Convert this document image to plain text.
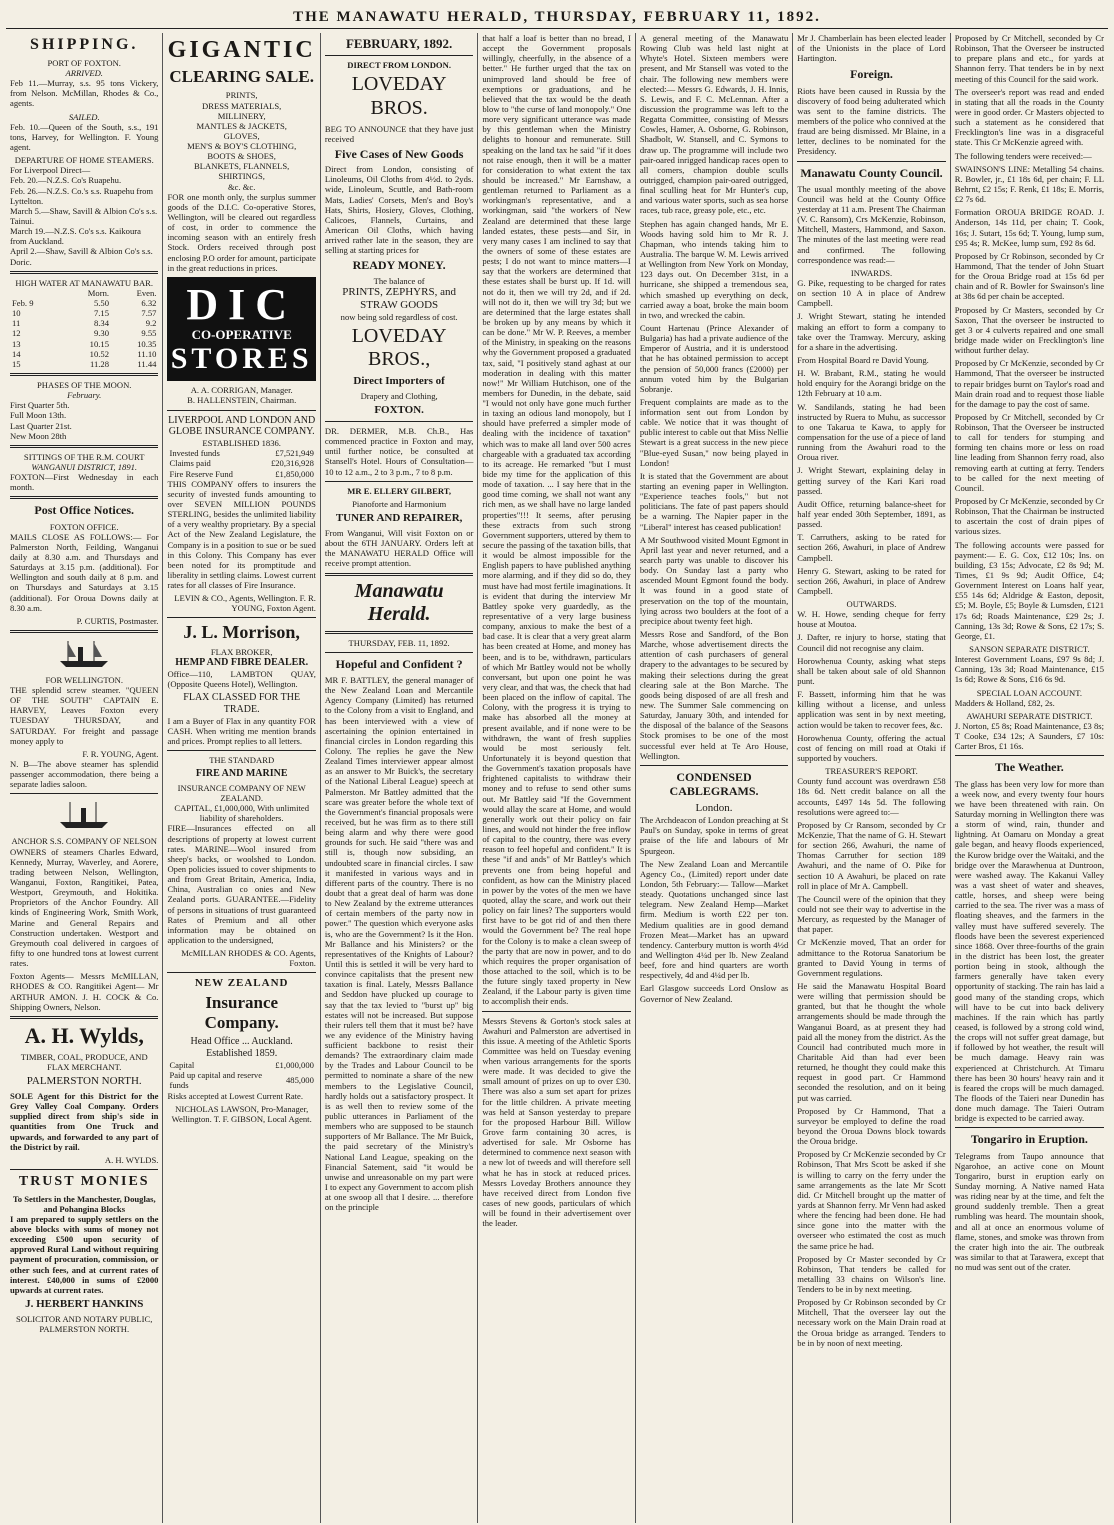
THE MANAWATU HERALD, THURSDAY, FEBRUARY 11, 1892.
SHIPPING.
PORT OF FOXTON.
ARRIVED.

Feb 11.—Murray, s.s. 95 tons Vickery, from Nelson. McMillan, Rhodes & Co., agents.

SAILED.

Feb. 10.—Queen of the South, s.s., 191 tons, Harvey, for Wellington. F. Young agent.

DEPARTURE OF HOME STEAMERS.
For Liverpool Direct—
Feb. 20.—N.Z.S. Co's Ruapehu.
Feb. 26.—N.Z.S. Co.'s s.s. Ruapehu from Lyttelton.
March 5.—Shaw, Savill & Albion Co's s.s. Tainui.
March 19.—N.Z.S. Co's s.s. Kaikoura from Auckland.
April 2.—Shaw, Savill & Albion Co's s.s. Doric.
HIGH WATER AT MANAWATU BAR.
	Morn.	Even.
Feb. 9	5.50	6.32
10	7.15	7.57
11	8.34	9.2
12	9.30	9.55
13	10.15	10.35
14	10.52	11.10
15	11.28	11.44
PHASES OF THE MOON.
February.
First Quarter 5th.
Full Moon 13th.
Last Quarter 21st.
New Moon 28th
SITTINGS OF THE R.M. COURT
WANGANUI DISTRICT, 1891.

FOXTON—First Wednesday in each month.

Post Office Notices.
FOXTON OFFICE.

MAILS CLOSE AS FOLLOWS:— For Palmerston North, Feilding, Wanganui daily at 8.30 a.m. and Thursdays and Saturdays at 3.15 p.m. (additional). For Wellington and south daily at 8 p.m. and on Thursdays and Saturdays at 3.15 (additional). For Oroua Downs daily at 8.30 a.m.

P. CURTIS, Postmaster.
FOR WELLINGTON.

THE splendid screw steamer. "QUEEN OF THE SOUTH" CAPTAIN E. HARVEY, Leaves Foxton every TUESDAY THURSDAY, and SATURDAY. For freight and passage money apply to

F. R. YOUNG, Agent.

N. B—The above steamer has splendid passenger accommodation, there being a separate ladies saloon.

ANCHOR S.S. COMPANY OF NELSON

OWNERS of steamers Charles Edward, Kennedy, Murray, Waverley, and Aorere, trading between Nelson, Wellington, Wanganui, Foxton, Rangitikei, Patea, Westport, Greymouth, and Hokitika. Proprietors of the Anchor Foundry. All kinds of Engineering Work, Smith Work, Marine and General Repairs and Construction undertaken. Westport and Greymouth coal delivered in cargoes of fifty to one hundred tons at lowest current rates.

Foxton Agents— Messrs McMILLAN, RHODES & CO. Rangitikei Agent— Mr ARTHUR AMON. J. H. COCK & Co. Shipping Owners, Nelson.

A. H. Wylds,
TIMBER, COAL, PRODUCE, AND FLAX MERCHANT.
PALMERSTON NORTH.

SOLE Agent for this District for the Grey Valley Coal Company. Orders supplied direct from ship's side in quantities from One Truck and upwards, and forwarded to any part of the District by rail.

A. H. WYLDS.
TRUST MONIES
To Settlers in the Manchester, Douglas, and Pohangina Blocks

I am prepared to supply settlers on the above blocks with sums of money not exceeding £500 upon security of approved Rural Land without requiring payment of procuration, commission, or other such fees, and at current rates of interest. £40,000 in sums of £2000 upwards at current rates.

J. HERBERT HANKINS
SOLICITOR AND NOTARY PUBLIC, PALMERSTON NORTH.
GIGANTIC
CLEARING SALE.
PRINTS,
DRESS MATERIALS,
MILLINERY,
MANTLES & JACKETS,
GLOVES,
MEN'S & BOY'S CLOTHING,
BOOTS & SHOES,
BLANKETS, FLANNELS,
SHIRTINGS,
&c. &c.

FOR one month only, the surplus summer goods of the D.I.C. Co-operative Stores, Wellington, will be cleared out regardless of cost, in order to commence the incoming season with an entirely fresh Stock. Orders received through post enclosing P.O order for amount, participate in the great reductions in prices.

DIC
CO-OPERATIVE
STORES
A. A. CORRIGAN, Manager.
B. HALLENSTEIN, Chairman.
LIVERPOOL AND LONDON AND GLOBE INSURANCE COMPANY.
ESTABLISHED 1836.
Invested funds	£7,521,949
Claims paid	£20,316,928
Fire Reserve Fund	£1,850,000

THIS COMPANY offers to insurers the security of invested funds amounting to over SEVEN MILLION POUNDS STERLING, besides the unlimited liability of a very wealthy proprietary. By a special Act of the New Zealand Legislature, the Company is in a position to sue or be sued in this Colony. This Company has ever been noted for its promptitude and liberality in settling claims. Lowest current rates for all classes of Fire Insurance.

LEVIN & CO., Agents, Wellington. F. R. YOUNG, Foxton Agent.
J. L. Morrison,
FLAX BROKER,
HEMP AND FIBRE DEALER.

Office—110, LAMBTON QUAY, (Opposite Queens Hotel), Wellington.

FLAX CLASSED FOR THE TRADE.

I am a Buyer of Flax in any quantity FOR CASH. When writing me mention brands and prices. Prompt replies to all letters.

THE STANDARD
FIRE AND MARINE
INSURANCE COMPANY OF NEW ZEALAND.
CAPITAL, £1,000,000, With unlimited liability of shareholders.

FIRE—Insurances effected on all descriptions of property at lowest current rates. MARINE—Wool insured from sheep's backs, or woolshed to London. Open policies issued to cover shipments to and from Great Britain, America, India, China, Australian co onies and New Zealand ports. GUARANTEE.—Fidelity of persons in situations of trust guaranteed Rates of Premium and all other information may be obtained on application to the undersigned,

McMILLAN RHODES & CO. Agents, Foxton.
NEW ZEALAND
Insurance Company.
Head Office ... Auckland. Established 1859.
Capital	£1,000,000
Paid up capital and reserve funds	485,000

Risks accepted at Lowest Current Rate.

NICHOLAS LAWSON, Pro-Manager, Wellington. T. F. GIBSON, Local Agent.
FEBRUARY, 1892.
DIRECT FROM LONDON.
LOVEDAY BROS.

BEG TO ANNOUNCE that they have just received

Five Cases of New Goods

Direct from London, consisting of Linoleums, Oil Cloths from 4½d. to 2yds. wide, Linoleum, Scuttle, and Bath-room Mats, Ladies' Corsets, Men's and Boy's Hats, Shirts, Hosiery, Gloves, Clothing, Calicoes, Flannels, Curtains, and American Oil Cloths, which having arrived rather late in the season, they are selling at starting prices for

READY MONEY.
The balance of
PRINTS, ZEPHYRS, and STRAW GOODS
now being sold regardless of cost.
LOVEDAY BROS.,
Direct Importers of
Drapery and Clothing,
FOXTON.

DR. DERMER, M.B. Ch.B., Has commenced practice in Foxton and may, until further notice, be consulted at Stansell's Hotel. Hours of Consultation—10 to 12 a.m., 2 to 3 p.m., 7 to 8 p.m.

MR E. ELLERY GILBERT,
Pianoforte and Harmonium
TUNER AND REPAIRER,

From Wanganui, Will visit Foxton on or about the 6TH JANUARY. Orders left at the MANAWATU HERALD Office will receive prompt attention.

Manawatu Herald.
THURSDAY, FEB. 11, 1892.
Hopeful and Confident ?

MR F. BATTLEY, the general manager of the New Zealand Loan and Mercantile Agency Company (Limited) has returned to the Colony from a visit to England, and has been interviewed with a view of ascertaining the opinion entertained in financial circles in London regarding this Colony. The replies he gave the New Zealand Times interviewer appear almost as an answer to Mr Buick's, the secretary of the National Liberal League) speech at Palmerston. Mr Battley admitted that the scare was greater before the whole text of the Government's financial proposals were received, but he was firm as to there still being alarm and why there were good grounds for such. He said "there was and still is, though now subsiding, an undoubted scare in financial circles. I saw it manifested in various ways and in different parts of the country. There is no doubt that a great deal of harm was done to New Zealand by the extreme utterances of certain members of the party now in power." The question which everyone asks is, who are the Government? Is it the Hon. Mr Ballance and his Ministers? or the representatives of the Knights of Labour? Until this is settled it will be very hard to convince capitalists that the present new taxation is final. Lately, Messrs Ballance and Seddon have plucked up courage to say that the tax levied to "burst up" big estates will not be increased. But suppose their rulers tell them that it must be? have we any evidence of the Ministry having sufficient backbone to resist their demands? The extraordinary claim made by the Trades and Labour Council to be permitted to nominate a share of the new members to the Legislative Council, hardly holds out a satisfactory prospect. It is as well then to review some of the public utterances in Parliament of the members who are supposed to be staunch supporters of Mr Ballance. The Mr Buick, the paid secretary of the Ministry's National Land League, speaking on the Financial Satement, said "it would be unwise and unreasonable on my part were I to expect any Government to accom plish at one swoop all that I desire. ... therefore on the principle

that half a loaf is better than no bread, I accept the Government proposals willingly, cheerfully, in the absence of a better." He further urged that the tax on unimproved land should be free of exemptions or graduations, and he believed that the tax would be the death blow to "the curse of land monopoly." One more very significant utterance was made by this gentleman when the Ministry delights to honour and remunerate. Still speaking on the land tax he said "if it does not raise enough, then it will be a matter for consideration to what extent the tax should be increased." Mr Earnshaw, a gentleman returned to Parliament as a workingman's representative, and a workingman, said "the workers of New Zealand are determined that these large landed estates, these pests—and Sir, in very many cases I am inclined to say that the owners of some of these estates are pests; I do not want to mince matters—I say that the workers are determined that these estates shall be burst up. If 1d. will not do it, then we will try 2d, and if 2d. will not do it, then we will try 3d; but we are determined that the large estates shall be broken up by any means by which it can be done." Mr W. P. Reeves, a member of the Ministry, in speaking on the reasons why the Government proposed a graduated tax, said, "I positively stand aghast at our moderation in dealing with this matter now!" Mr William Hutchison, one of the members for Dunedin, in the debate, said "I would not only have gone much further in taxing an odious land monopoly, but I should have preferred a simpler mode of dealing with the incidence of taxation" which was to make all land over 500 acres chargeable with a graduated tax according to its acreage. He remarked "but I must bide my time for the application of this mode of taxation. ... I say here that in the good time coming, we shall not want any rich men, as we shall have no large landed properties"!!! It seems, after perusing these extracts from such strong Government supporters, uttered by them to secure the passing of the taxation bills, that it would be almost impossible for the English papers to have published anything more alarming, and if they did so do, they must have had most fertile imaginations. It is evident that during the interview Mr Battley spoke very guardedly, as the representative of a very large business company, anxious to make the best of a bad case. It is clear that a very great alarm has been created at Home, and money has been, and is to be, withdrawn, particulars of which Mr Battley would not be wholly conversant, but upon one point he was very clear, and that was, the check that had been placed on the inflow of capital. The Colony, with the progress it is trying to make has absorbed all the money at present available, and if none were to be withdrawn, the want of fresh supplies would be most seriously felt. Unfortunately it is beyond question that the Government's taxation proposals have frightened capitalists to withdraw their money and to refuse to send other sums out. Mr Battley said "If the Government would allay the scare at Home, and would generally work out their policy on fair lines, and would not hinder the free inflow of capital to the country, there was every reason to feel hopeful and confident." It is these "if and ands" of Mr Battley's which prevents one from being hopeful and confident, as how can the Ministry placed in power by the votes of the men we have quoted, allay the scare, and work out their policy on fair lines? The supporters would first have to be got rid of and then there would the Government be? The real hope for the Colony is to make a clean sweep of the party that are now in power, and to do which requires the proper organisation of those attached to the soil, which is to be the future singly taxed property in New Zealand, if the Labour party is given time to accomplish their ends.

Messrs Stevens & Gorton's stock sales at Awahuri and Palmerston are advertised in this issue. A meeting of the Athletic Sports Committee was held on Tuesday evening when various arrangements for the sports were made. It was decided to give the small amount of prizes on up to over £30. There was also a sum set apart for prizes for the little children. A private meeting was held at Sanson yesterday to prepare for the proposed Harbour Bill. Willow Grove farm containing 30 acres, is advertised for sale. Mr Osborne has determined to commence next season with a new lot of tweeds and will therefore sell what he has in stock at reduced prices. Messrs Loveday Brothers announce they have received direct from London five cases of new goods, particulars of which will be found in their advertisement over the leader.

A general meeting of the Manawatu Rowing Club was held last night at Whyte's Hotel. Sixteen members were present, and Mr Stansell was voted to the chair. The following new members were elected:— Messrs G. Edwards, J. H. Innis, S. Lewis, and F. C. McLennan. After a discussion the programme was left to the Regatta Committee, consisting of Messrs Cowles, Hamer, A. Osborne, G. Robinson, Shadbolt, W. Stansell, and C. Symons to draw up. The programme will include two pair-oared inrigged handicap races open to all comers, champion double sculls outrigged, champion pair-oared outrigged, final sculling heat for Mr Hunter's cup, and various water sports, such as sea horse races, tub race, greasy pole, etc., etc.

Stephen has again changed hands, Mr E. Woods having sold him to Mr R. J. Chapman, who intends taking him to Australia. The barque W. M. Lewis arrived at Wellington from New York on Monday, 123 days out. On December 31st, in a hurricane, she shipped a tremendous sea, which smashed up everything on deck, carried away a boat, broke the main boom in two, and wrecked the cabin.

Count Hartenau (Prince Alexander of Bulgaria) has had a private audience of the Emperor of Austria, and it is understood that he has obtained permission to accept the pension of 50,000 francs (£2000) per annum voted him by the Bulgarian Sobranje.

Frequent complaints are made as to the information sent out from London by cable. We notice that it was thought of public interest to cable out that Miss Nellie Stewart is a great success in the new piece "Blue-eyed Susan," now being played in London!

It is stated that the Government are about starting an evening paper in Wellington. "Experience teaches fools," but not politicians. The fate of past papers should be a warning. The Napier paper in the "Liberal" interest has ceased publication!

A Mr Southwood visited Mount Egmont in April last year and never returned, and a search party was unable to discover his body. On Sunday last a party who ascended Mount Egmont found the body. It was found in a good state of preservation on the top of the mountain, lying across two boulders at the foot of a precipice about twenty feet high.

Messrs Rose and Sandford, of the Bon Marche, whose advertisement directs the attention of cash purchasers of general drapery to the advantages to be secured by making their selections during the great clearing sale at the Bon Marche. The goods being disposed of are all fresh and new. The Summer Sale commencing on Saturday, January 30th, and intended for the disposal of the balance of the Seasons Stock promises to be one of the most successful ever held at Te Aro House, Wellington.

CONDENSED CABLEGRAMS.
London.

The Archdeacon of London preaching at St Paul's on Sunday, spoke in terms of great praise of the life and labours of Mr Spurgeon.

The New Zealand Loan and Mercantile Agency Co., (Limited) report under date London, 5th February:— Tallow—Market steady. Quotations unchanged since last telegram. New Zealand Hemp—Market firm. Medium is worth £22 per ton. Medium qualities are in good demand Frozen Meat—Market has an upward tendency. Canterbury mutton is worth 4½d and Wellington 4¼d per lb. New Zealand beef, fore and hind quarters are worth respectively, 4d and 4¼d per lb.

Earl Glasgow succeeds Lord Onslow as Governor of New Zealand.

Mr J. Chamberlain has been elected leader of the Unionists in the place of Lord Hartington.

Foreign.

Riots have been caused in Russia by the discovery of food being adulterated which was sent to the famine districts. The members of the police who connived at the fraud are being dismissed. Mr Blaine, in a letter, declines to be nominated for the Presidency.

Manawatu County Council.

The usual monthly meeting of the above Council was held at the County Office yesterday at 11 a.m. Present The Chairman (V. C. Ransom), Crs McKenzie, Robinson, Mitchell, Masters, Hammond, and Saxon. The minutes of the last meeting were read and confirmed. The following correspondence was read:—

INWARDS.

G. Pike, requesting to be charged for rates on section 10 A in place of Andrew Campbell.

J. Wright Stewart, stating he intended making an effort to form a company to take over the Tramway. Mercury, asking for a share in the advertising.

From Hospital Board re David Young.

H. W. Brabant, R.M., stating he would hold enquiry for the Aorangi bridge on the 12th February at 10 a.m.

W. Sandilands, stating he had been instructed by Ruera to Muhu, as successor to one Takarua te Kawa, to apply for compensation for the use of a piece of land running from the Awahuri road to the Oroua river.

J. Wright Stewart, explaining delay in getting survey of the Kari Kari road passed.

Audit Office, returning balance-sheet for half year ended 30th September, 1891, as passed.

T. Carruthers, asking to be rated for section 266, Awahuri, in place of Andrew Campbell.

Henry G. Stewart, asking to be rated for section 266, Awahuri, in place of Andrew Campbell.

OUTWARDS.

W. H. Howe, sending cheque for ferry house at Moutoa.

J. Dafter, re injury to horse, stating that Council did not recognise any claim.

Horowhenua County, asking what steps shall be taken about sale of old Shannon punt.

F. Bassett, informing him that he was killing without a license, and unless application was sent in by next meeting, action would be taken to recover fees, &c.

Horowhenua County, offering the actual cost of fencing on mill road at Otaki if supported by vouchers.

TREASURER'S REPORT.

County fund account was overdrawn £58 18s 6d. Nett credit balance on all the accounts, £497 14s 5d. The following resolutions were agreed to:—

Proposed by Cr Ransom, seconded by Cr McKenzie, That the name of G. H. Stewart for section 266, Awahuri, the name of Thomas Carruther for section 189 Awahuri, and the name of O. Pike for section 10 A Awahuri, be placed on rate roll in place of Mr A. Campbell.

The Council were of the opinion that they could not see their way to advertise in the Mercury, as requested by the Manager of that paper.

Cr McKenzie moved, That an order for admittance to the Rotorua Sanatorium be granted to David Young in terms of Government regulations.

He said the Manawatu Hospital Board were willing that permission should be granted, but that he thought the whole arrangements should be made through the Wanganui Board, as at present they had paid all the money from the district. As the Council had contributed much more in Charitable Aid than had ever been returned, he thought they could make this request in good part. Cr Hammond seconded the resolution, and on it being put was carried.

Proposed by Cr Hammond, That a surveyor be employed to define the road beyond the Oroua Downs block towards the Oroua bridge.

Proposed by Cr McKenzie seconded by Cr Robinson, That Mrs Scott be asked if she is willing to carry on the ferry under the same arrangements as the late Mr Scott did. Cr Mitchell brought up the matter of yards at Shannon ferry. Mr Venn had asked where the fencing had been done. He had since gone into the matter with the overseer who estimated the cost as much the same price he had.

Proposed by Cr Master seconded by Cr Robinson, That tenders be called for metalling 33 chains on Wilson's line. Tenders to be in by next meeting.

Proposed by Cr Robinson seconded by Cr Mitchell, That the overseer lay out the necessary work on the Main Drain road at the Oroua bridge as arranged. Tenders to be in by noon of next meeting.

Proposed by Cr Mitchell, seconded by Cr Robinson, That the Overseer be instructed to prepare plans and etc., for yards at Shannon ferry. That tenders be in by next meeting of this Council for the said work.

The overseer's report was read and ended in stating that all the roads in the County were in good order. Cr Masters objected to such a statement as he considered that Frecklington's line was in a disgraceful state. This Cr McKenzie agreed with.

The following tenders were received:—

SWAINSON'S LINE: Metalling 54 chains. R. Bowler, jr., £1 18s 6d, per chain; F. LL Behrnt, £2 15s; F. Renk, £1 18s; E. Morris, £2 7s 6d.

Formation OROUA BRIDGE ROAD. J. Anderson, 14s 11d, per chain; T. Cook, 16s; J. Sutart, 15s 6d; T. Young, lump sum, £95 4s; R. McKee, lump sum, £92 8s 6d.

Proposed by Cr Robinson, seconded by Cr Hammond, That the tender of John Stuart for the Oroua Bridge road at 15s 6d per chain and of R. Bowler for Swainson's line at 38s 6d per chain be accepted.

Proposed by Cr Masters, seconded by Cr Saxon, That the overseer be instructed to get 3 or 4 culverts repaired and one small bridge made wider on Frecklington's line without further delay.

Proposed by Cr McKenzie, seconded by Cr Hammond, That the overseer be instructed to repair bridges burnt on Taylor's road and Main drain road and to request those liable for the damage to pay the cost of same.

Proposed by Cr Mitchell, seconded by Cr Robinson, That the Overseer be instructed to call for tenders for stumping and forming ten chains more or less on road line leading from Shannon ferry road, also removing earth at cutting at ferry. Tenders to be called for the next meeting of Council.

Proposed by Cr McKenzie, seconded by Cr Robinson, That the Chairman be instructed to ascertain the cost of drain pipes of various sizes.

The following accounts were passed for payment:— E. G. Cox, £12 10s; Ins. on building, £3 15s; Advocate, £2 8s 9d; M. Times, £1 9s 9d; Audit Office, £4; Government Interest on Loans half year, £55 14s 6d; Aldridge & Easton, deposit, £5; M. Boyle, £5; Boyle & Lumsden, £121 17s 6d; Roads Maintenance, £29 2s; J. Canning, 13s 3d; Rowe & Sons, £2 17s; S. George, £1.

SANSON SEPARATE DISTRICT.

Interest Government Loans, £97 9s 8d; J. Canning, 13s 3d; Road Maintenance, £15 1s 6d; Rowe & Sons, £16 6s 9d.

SPECIAL LOAN ACCOUNT.

Madders & Holland, £82, 2s.

AWAHURI SEPARATE DISTRICT.

J. Norton, £5 8s; Road Maintenance, £3 8s; T Cooke, £34 12s; A Saunders, £7 10s: Carter Bros, £1 16s.

The Weather.

The glass has been very low for more than a week now, and every twenty four hours we have been threatened with rain. On Saturday morning in Wellington there was a storm of wind, rain, thunder and lightning. At Oamaru on Monday a great gale began, and heavy floods experienced, the Kurow bridge over the Waitaki, and the bridge over the Marawhenua at Duntroon, were washed away. The Kakanui Valley was a vast sheet of water and sheaves, cattle, horses, and sheep were being carried to the sea. The river was a mass of floating sheaves, and the farmers in the valley must have suffered severely. The floods have been the severest experienced since 1868. Over three-fourths of the grain in the district has been lost, the greater portion being in stook, although the farmers generally have taken every opportunity of stacking. The rain has laid a good many of the standing crops, which will have to be cut into back delivery machines. If the rain which has partly ceased, is followed by a strong cold wind, the crops will not suffer great damage, but if followed by hot weather, the result will be much damage. Heavy rain was experienced at Christchurch. At Timaru there has been 30 hours' heavy rain and it is feared the crops will be much damaged. The floods of the Taieri near Dunedin has done much damage. The Taieri Outram bridge is expected to be carried away.

Tongariro in Eruption.

Telegrams from Taupo announce that Ngarohoe, an active cone on Mount Tongariro, burst in eruption early on Sunday morning. A Native named Hata was riding near by at the time, and felt the ground suddenly tremble. Then a great rumbling was heard. The mountain shook, and all at once an enormous volume of flame, stones, and smoke was thrown from the crater high into the air. The outbreak was similar to that at Tarawera, except that no mud was sent out of the crater.
